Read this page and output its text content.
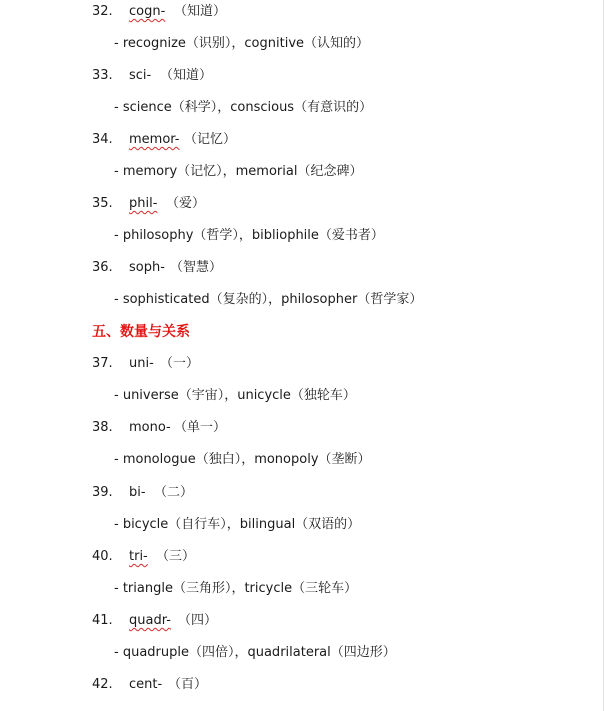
32. cogn- （知道）
- recognize（识别），cognitive（认知的）
33. sci- （知道）
- science（科学），conscious（有意识的）
34. memor- （记忆）
- memory（记忆），memorial（纪念碑）
35. phil- （爱）
- philosophy（哲学），bibliophile（爱书者）
36. soph- （智慧）
- sophisticated（复杂的），philosopher（哲学家）
五、数量与关系
37. uni- （一）
- universe（宇宙），unicycle（独轮车）
38. mono- （单一）
- monologue（独白），monopoly（垄断）
39. bi- （二）
- bicycle（自行车），bilingual（双语的）
40. tri- （三）
- triangle（三角形），tricycle（三轮车）
41. quadr- （四）
- quadruple（四倍），quadrilateral（四边形）
42. cent- （百）
